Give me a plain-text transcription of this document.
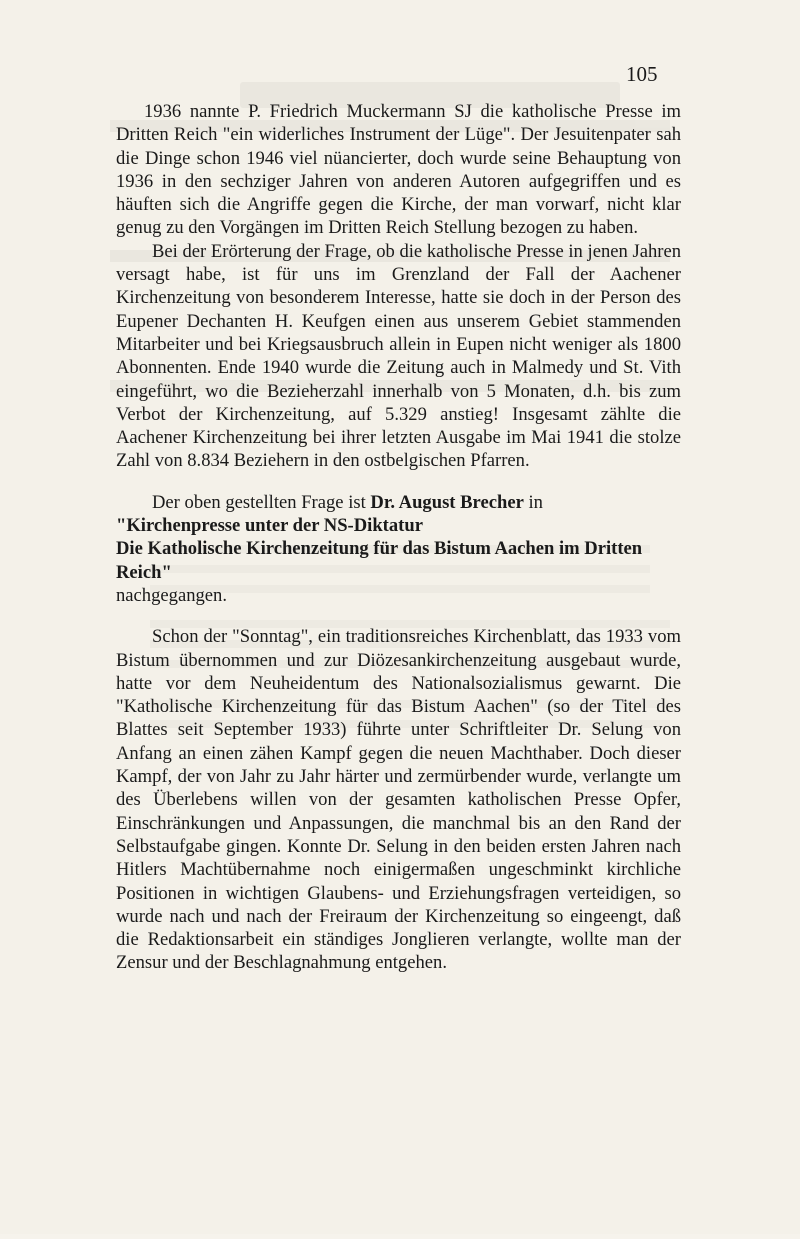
105

1936 nannte P. Friedrich Muckermann SJ die katholische Presse im Dritten Reich "ein widerliches Instrument der Lüge". Der Jesuitenpater sah die Dinge schon 1946 viel nüancierter, doch wurde seine Behauptung von 1936 in den sechziger Jahren von anderen Autoren aufgegriffen und es häuften sich die Angriffe gegen die Kirche, der man vorwarf, nicht klar genug zu den Vorgängen im Dritten Reich Stellung bezogen zu haben.

Bei der Erörterung der Frage, ob die katholische Presse in jenen Jahren versagt habe, ist für uns im Grenzland der Fall der Aachener Kirchenzeitung von besonderem Interesse, hatte sie doch in der Person des Eupener Dechanten H. Keufgen einen aus unserem Gebiet stammenden Mitarbeiter und bei Kriegsausbruch allein in Eupen nicht weniger als 1800 Abonnenten. Ende 1940 wurde die Zeitung auch in Malmedy und St. Vith eingeführt, wo die Bezieherzahl innerhalb von 5 Monaten, d.h. bis zum Verbot der Kirchenzeitung, auf 5.329 anstieg! Insgesamt zählte die Aachener Kirchenzeitung bei ihrer letzten Ausgabe im Mai 1941 die stolze Zahl von 8.834 Beziehern in den ostbelgischen Pfarren.

Der oben gestellten Frage ist Dr. August Brecher in

"Kirchenpresse unter der NS-Diktatur
Die Katholische Kirchenzeitung für das Bistum Aachen im Dritten Reich"
nachgegangen.

Schon der "Sonntag", ein traditionsreiches Kirchenblatt, das 1933 vom Bistum übernommen und zur Diözesankirchenzeitung ausgebaut wurde, hatte vor dem Neuheidentum des Nationalsozialismus gewarnt. Die "Katholische Kirchenzeitung für das Bistum Aachen" (so der Titel des Blattes seit September 1933) führte unter Schriftleiter Dr. Selung von Anfang an einen zähen Kampf gegen die neuen Machthaber. Doch dieser Kampf, der von Jahr zu Jahr härter und zermürbender wurde, verlangte um des Überlebens willen von der gesamten katholischen Presse Opfer, Einschränkungen und Anpassungen, die manchmal bis an den Rand der Selbstaufgabe gingen. Konnte Dr. Selung in den beiden ersten Jahren nach Hitlers Machtübernahme noch einigermaßen ungeschminkt kirchliche Positionen in wichtigen Glaubens- und Erziehungsfragen verteidigen, so wurde nach und nach der Freiraum der Kirchenzeitung so eingeengt, daß die Redaktionsarbeit ein ständiges Jonglieren verlangte, wollte man der Zensur und der Beschlagnahmung entgehen.
